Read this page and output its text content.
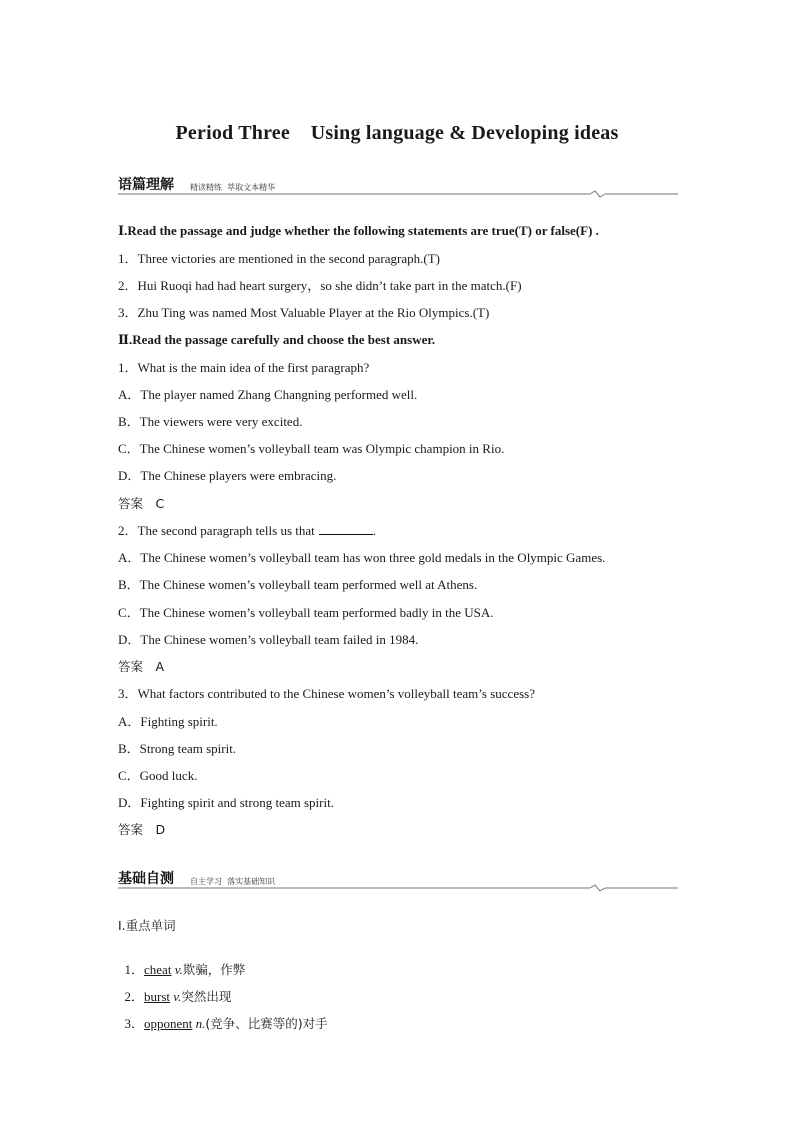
Period Three    Using language & Developing ideas
语篇理解 精读精练  萃取文本精华
Ⅰ.Read the passage and judge whether the following statements are true(T) or false(F) .
1．Three victories are mentioned in the second paragraph.(T)
2．Hui Ruoqi had had heart surgery，so she didn’t take part in the match.(F)
3．Zhu Ting was named Most Valuable Player at the Rio Olympics.(T)
Ⅱ.Read the passage carefully and choose the best answer.
1．What is the main idea of the first paragraph?
A．The player named Zhang Changning performed well.
B．The viewers were very excited.
C．The Chinese women’s volleyball team was Olympic champion in Rio.
D．The Chinese players were embracing.
答案　C
2．The second paragraph tells us that	.
A．The Chinese women’s volleyball team has won three gold medals in the Olympic Games.
B．The Chinese women’s volleyball team performed well at Athens.
C．The Chinese women’s volleyball team performed badly in the USA.
D．The Chinese women’s volleyball team failed in 1984.
答案　A
3．What factors contributed to the Chinese women’s volleyball team’s success?
A．Fighting spirit.
B．Strong team spirit.
C．Good luck.
D．Fighting spirit and strong team spirit.
答案　D
基础自测 自主学习  落实基础知识
Ⅰ.重点单词

1．cheat v.欺骗，作弊

2．burst v.突然出现

3．opponent n.(竞争、比赛等的)对手
